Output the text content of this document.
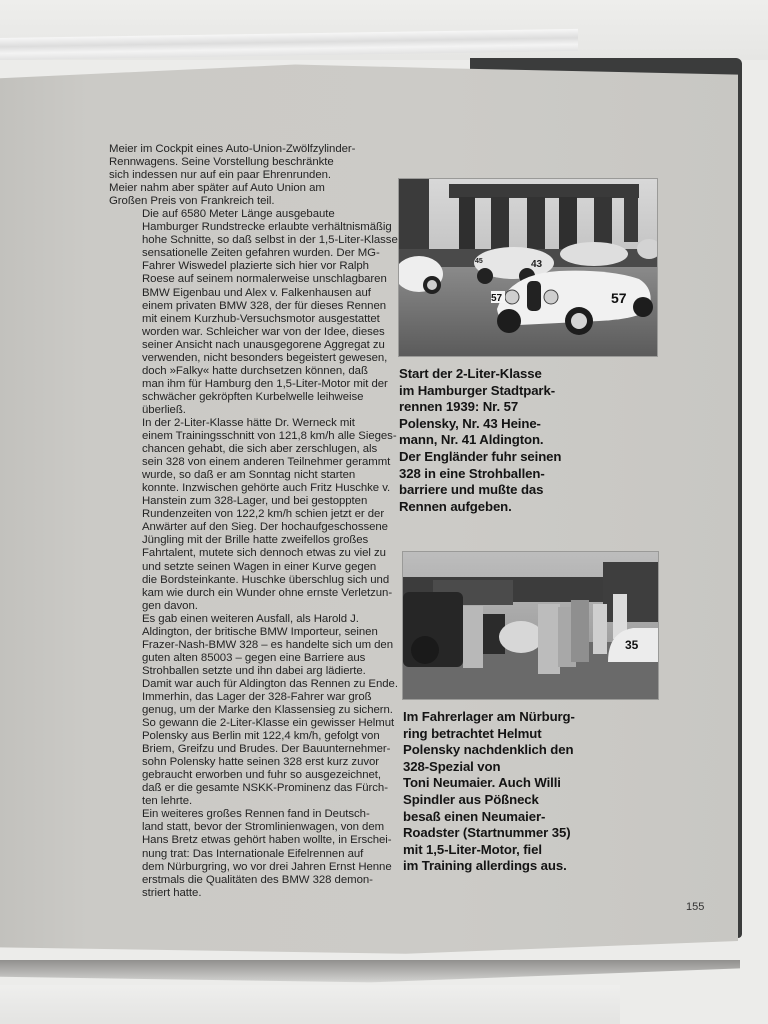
Meier im Cockpit eines Auto-Union-Zwölfzylinder-
Rennwagens. Seine Vorstellung beschränkte
sich indessen nur auf ein paar Ehrenrunden.
Meier nahm aber später auf Auto Union am
Großen Preis von Frankreich teil.

Die auf 6580 Meter Länge ausgebaute
Hamburger Rundstrecke erlaubte verhältnismäßig
hohe Schnitte, so daß selbst in der 1,5-Liter-Klasse
sensationelle Zeiten gefahren wurden. Der MG-
Fahrer Wiswedel plazierte sich hier vor Ralph
Roese auf seinem normalerweise unschlagbaren
BMW Eigenbau und Alex v. Falkenhausen auf
einem privaten BMW 328, der für dieses Rennen
mit einem Kurzhub-Versuchsmotor ausgestattet
worden war. Schleicher war von der Idee, dieses
seiner Ansicht nach unausgegorene Aggregat zu
verwenden, nicht besonders begeistert gewesen,
doch »Falky« hatte durchsetzen können, daß
man ihm für Hamburg den 1,5-Liter-Motor mit der
schwächer gekröpften Kurbelwelle leihweise
überließ.

In der 2-Liter-Klasse hätte Dr. Werneck mit
einem Trainingsschnitt von 121,8 km/h alle Sieges-
chancen gehabt, die sich aber zerschlugen, als
sein 328 von einem anderen Teilnehmer gerammt
wurde, so daß er am Sonntag nicht starten
konnte. Inzwischen gehörte auch Fritz Huschke v.
Hanstein zum 328-Lager, und bei gestoppten
Rundenzeiten von 122,2 km/h schien jetzt er der
Anwärter auf den Sieg. Der hochaufgeschossene
Jüngling mit der Brille hatte zweifellos großes
Fahrtalent, mutete sich dennoch etwas zu viel zu
und setzte seinen Wagen in einer Kurve gegen
die Bordsteinkante. Huschke überschlug sich und
kam wie durch ein Wunder ohne ernste Verletzun-
gen davon.

Es gab einen weiteren Ausfall, als Harold J.
Aldington, der britische BMW Importeur, seinen
Frazer-Nash-BMW 328 – es handelte sich um den
guten alten 85003 – gegen eine Barriere aus
Strohballen setzte und ihn dabei arg lädierte.
Damit war auch für Aldington das Rennen zu Ende.
Immerhin, das Lager der 328-Fahrer war groß
genug, um der Marke den Klassensieg zu sichern.
So gewann die 2-Liter-Klasse ein gewisser Helmut
Polensky aus Berlin mit 122,4 km/h, gefolgt von
Briem, Greifzu und Brudes. Der Bauunternehmer-
sohn Polensky hatte seinen 328 erst kurz zuvor
gebraucht erworben und fuhr so ausgezeichnet,
daß er die gesamte NSKK-Prominenz das Fürch-
ten lehrte.

Ein weiteres großes Rennen fand in Deutsch-
land statt, bevor der Stromlinienwagen, von dem
Hans Bretz etwas gehört haben wollte, in Erschei-
nung trat: Das Internationale Eifelrennen auf
dem Nürburgring, wo vor drei Jahren Ernst Henne
erstmals die Qualitäten des BMW 328 demon-
striert hatte.

43
45
57	57
Start der 2-Liter-Klasse
im Hamburger Stadtpark-
rennen 1939: Nr. 57
Polensky, Nr. 43 Heine-
mann, Nr. 41 Aldington.
Der Engländer fuhr seinen
328 in eine Strohballen-
barriere und mußte das
Rennen aufgeben.
35
Im Fahrerlager am Nürburg-
ring betrachtet Helmut
Polensky nachdenklich den
328-Spezial von
Toni Neumaier. Auch Willi
Spindler aus Pößneck
besaß einen Neumaier-
Roadster (Startnummer 35)
mit 1,5-Liter-Motor, fiel
im Training allerdings aus.
155
